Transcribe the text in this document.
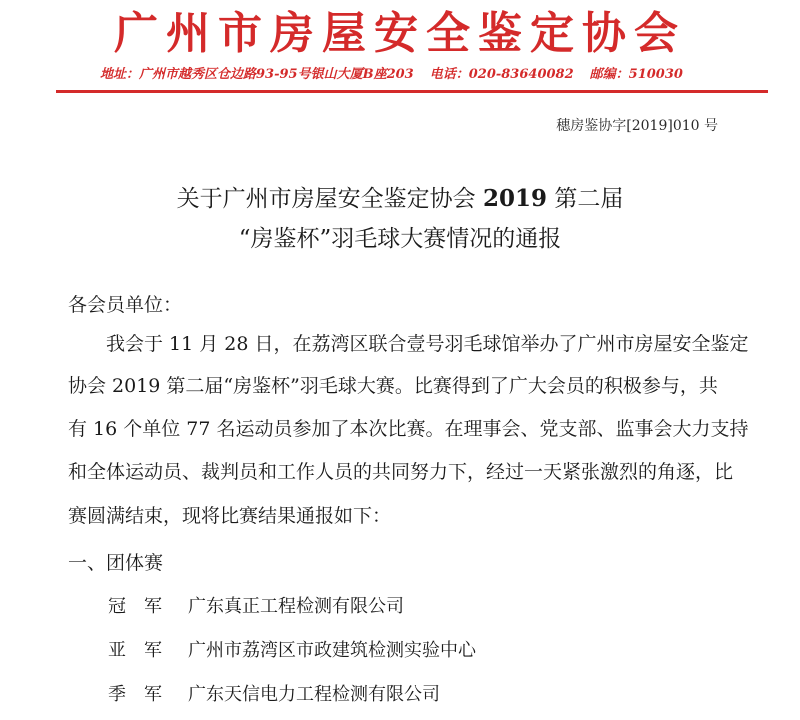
广州市房屋安全鉴定协会
地址：广州市越秀区仓边路93-95号银山大厦B座203 电话：020-83640082 邮编：510030
穗房鉴协字[2019]010 号
关于广州市房屋安全鉴定协会 2019 第二届
“房鉴杯”羽毛球大赛情况的通报
各会员单位：
我会于 11 月 28 日，在荔湾区联合壹号羽毛球馆举办了广州市房屋安全鉴定
协会 2019 第二届“房鉴杯”羽毛球大赛。比赛得到了广大会员的积极参与，共
有 16 个单位 77 名运动员参加了本次比赛。在理事会、党支部、监事会大力支持
和全体运动员、裁判员和工作人员的共同努力下，经过一天紧张激烈的角逐，比
赛圆满结束，现将比赛结果通报如下：
一、团体赛
冠军 广东真正工程检测有限公司
亚军 广州市荔湾区市政建筑检测实验中心
季军 广东天信电力工程检测有限公司
